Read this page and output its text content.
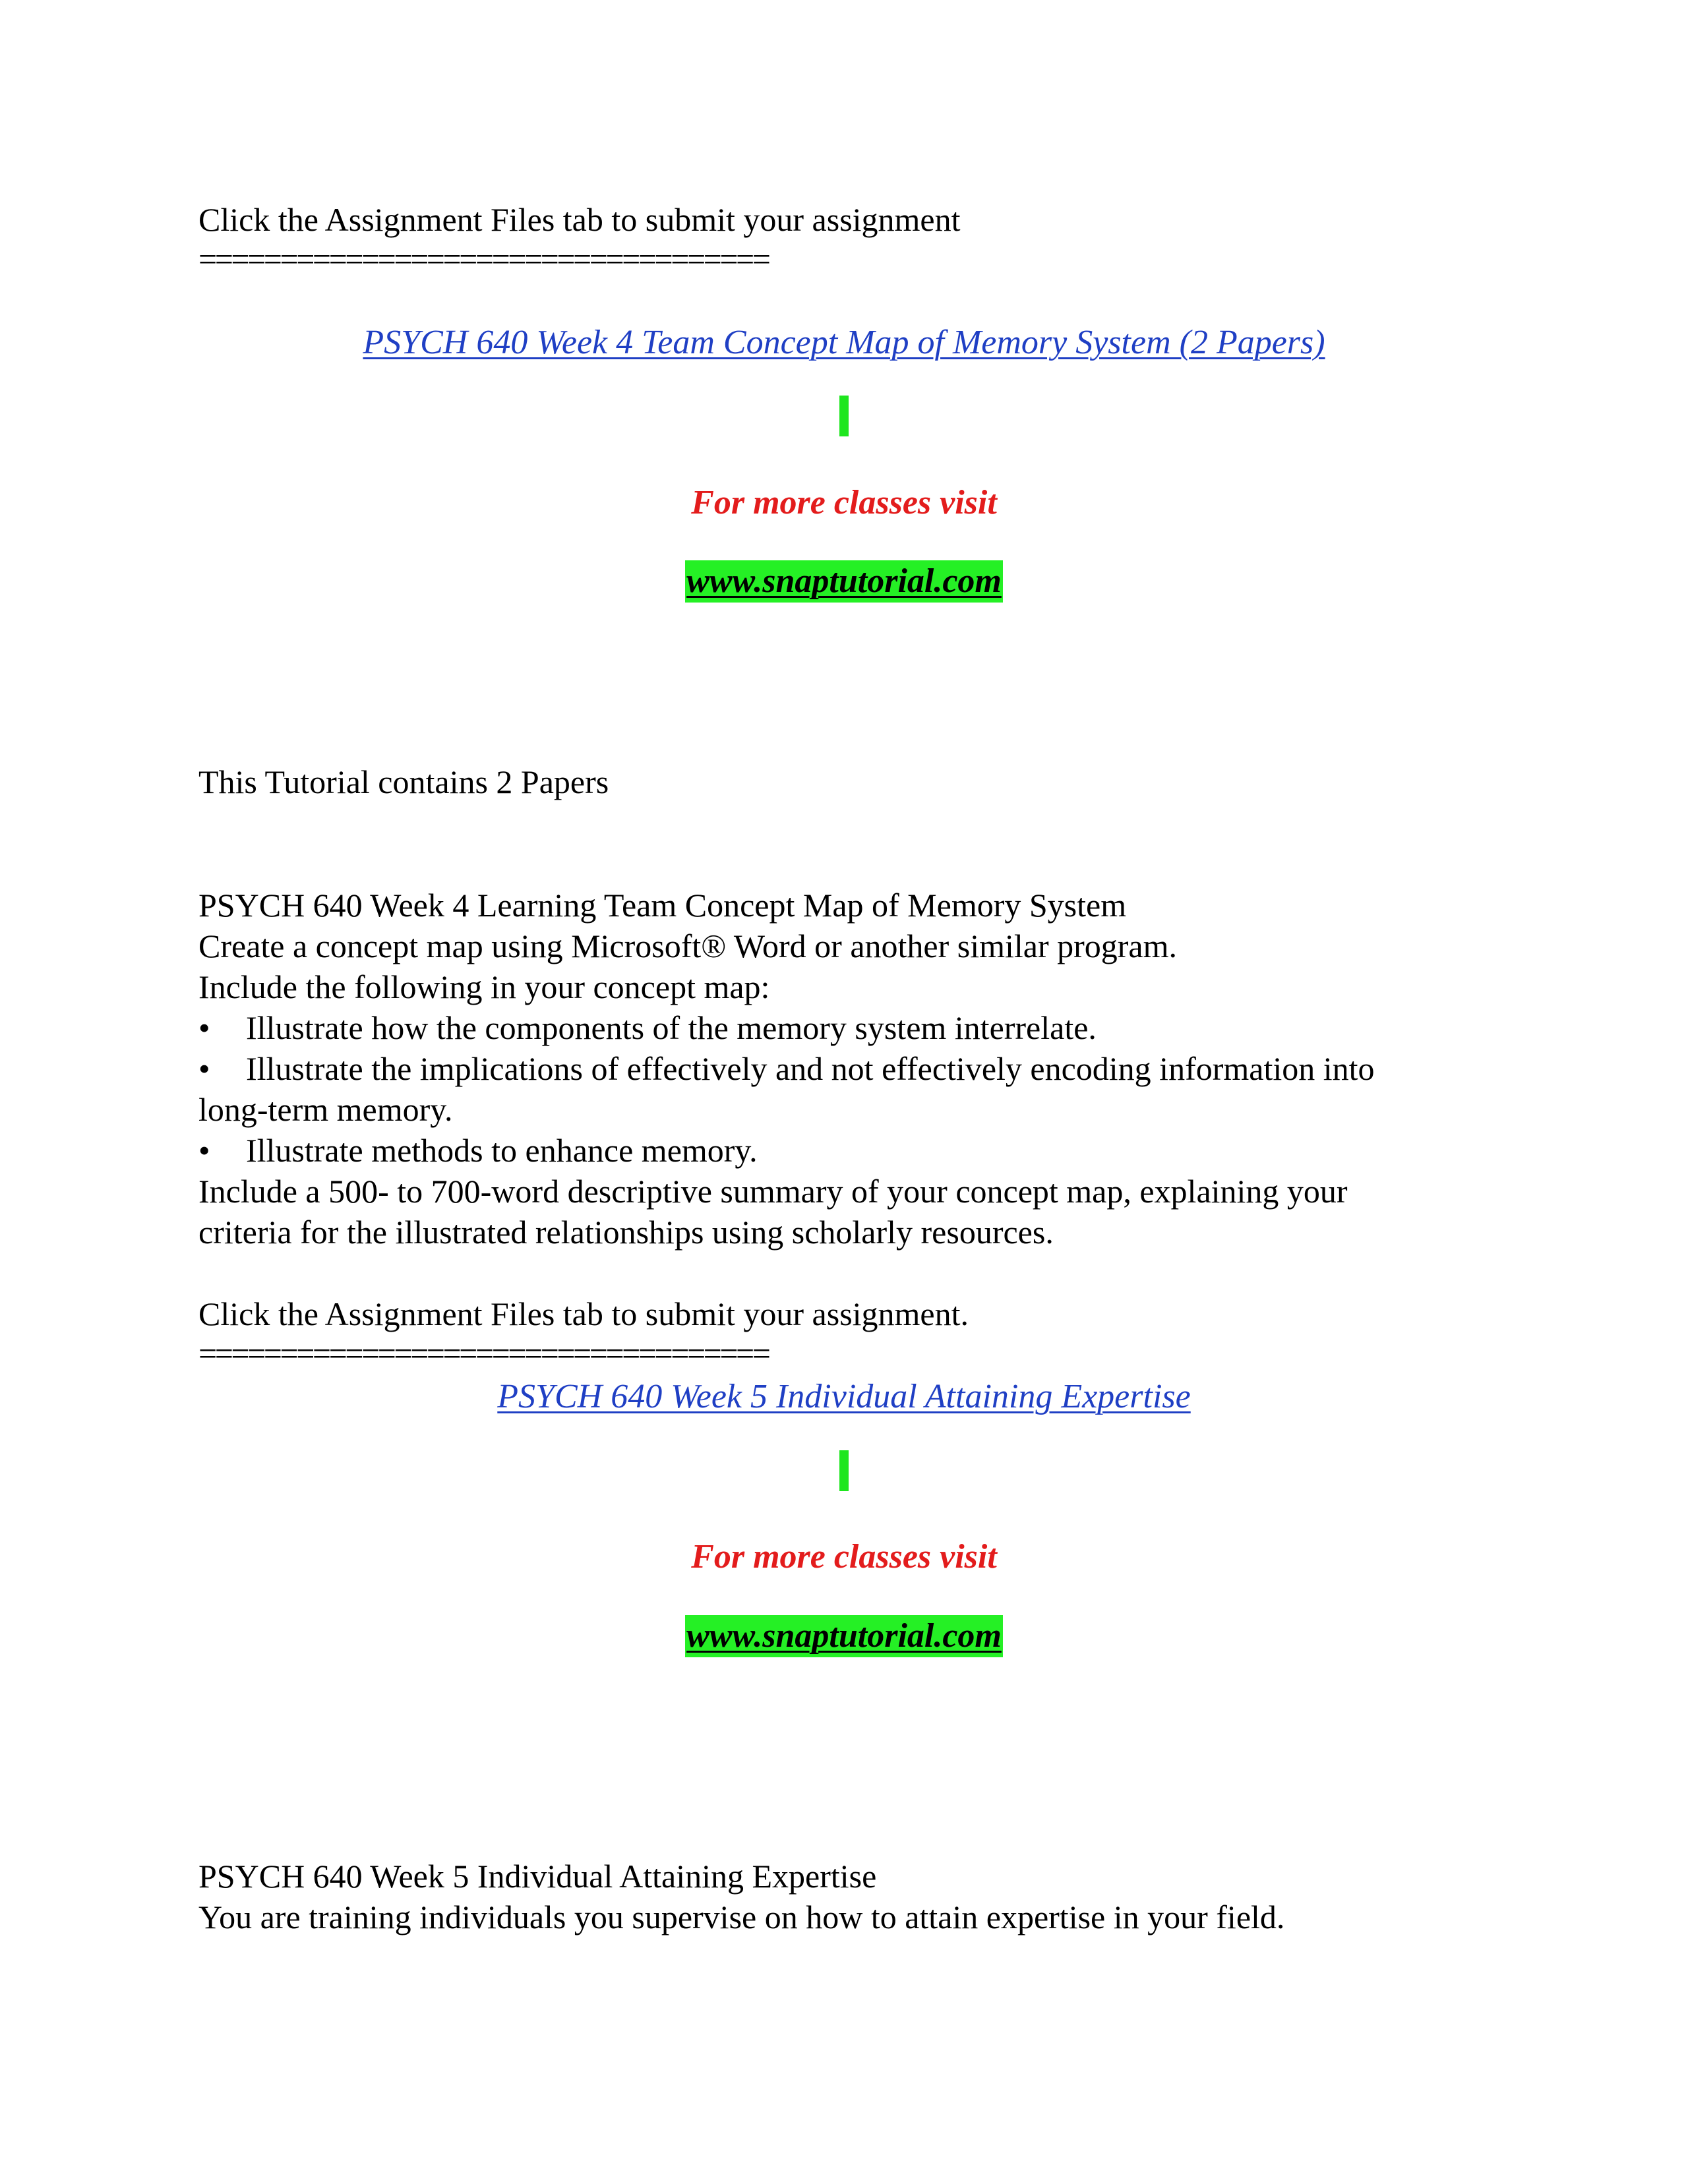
Click the Assignment Files tab to submit your assignment
===================================
PSYCH 640 Week 4 Team Concept Map of Memory System (2 Papers)
For more classes visit
www.snaptutorial.com
This Tutorial contains 2 Papers
PSYCH 640 Week 4 Learning Team Concept Map of Memory System
Create a concept map using Microsoft® Word or another similar program.
Include the following in your concept map:
• Illustrate how the components of the memory system interrelate.
• Illustrate the implications of effectively and not effectively encoding information into
long-term memory.
• Illustrate methods to enhance memory.
Include a 500- to 700-word descriptive summary of your concept map, explaining your
criteria for the illustrated relationships using scholarly resources.
Click the Assignment Files tab to submit your assignment.
===================================
PSYCH 640 Week 5 Individual Attaining Expertise
For more classes visit
www.snaptutorial.com
PSYCH 640 Week 5 Individual Attaining Expertise
You are training individuals you supervise on how to attain expertise in your field.
